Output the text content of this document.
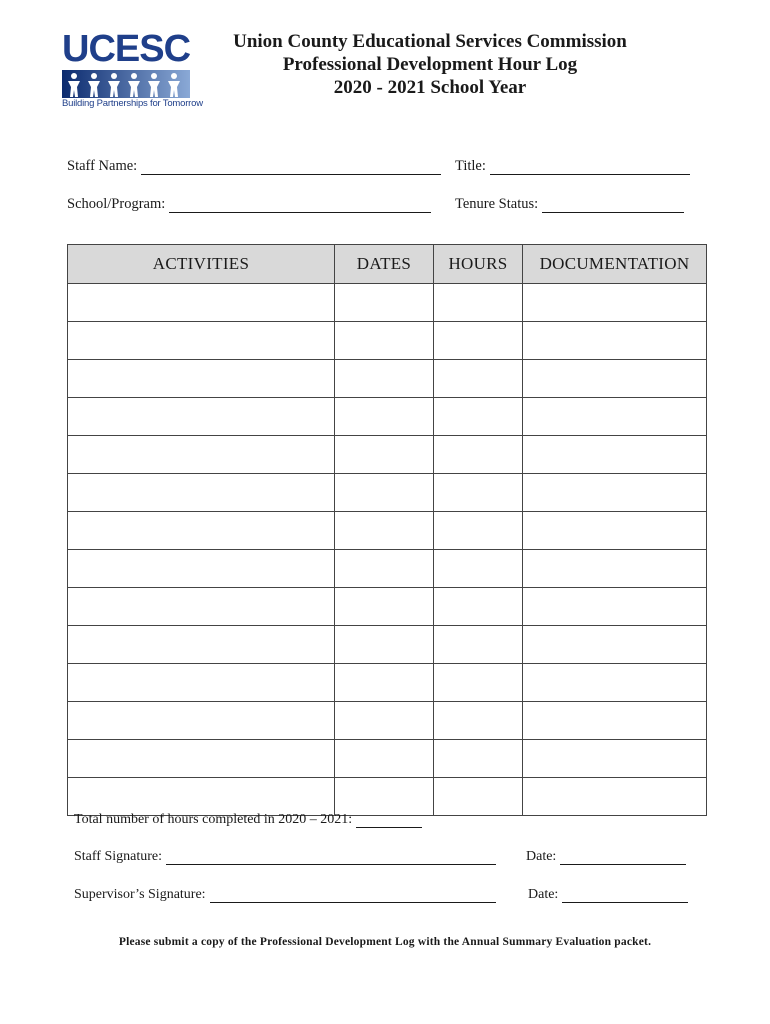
UCESC
Building Partnerships for Tomorrow
Union County Educational Services Commission
Professional Development Hour Log
2020 - 2021 School Year
Staff Name:	Title:
School/Program:	Tenure Status:
ACTIVITIES	DATES	HOURS	DOCUMENTATION

Total number of hours completed in 2020 – 2021:
Staff Signature:	Date:
Supervisor’s Signature:	Date:
Please submit a copy of the Professional Development Log with the Annual Summary Evaluation packet.
